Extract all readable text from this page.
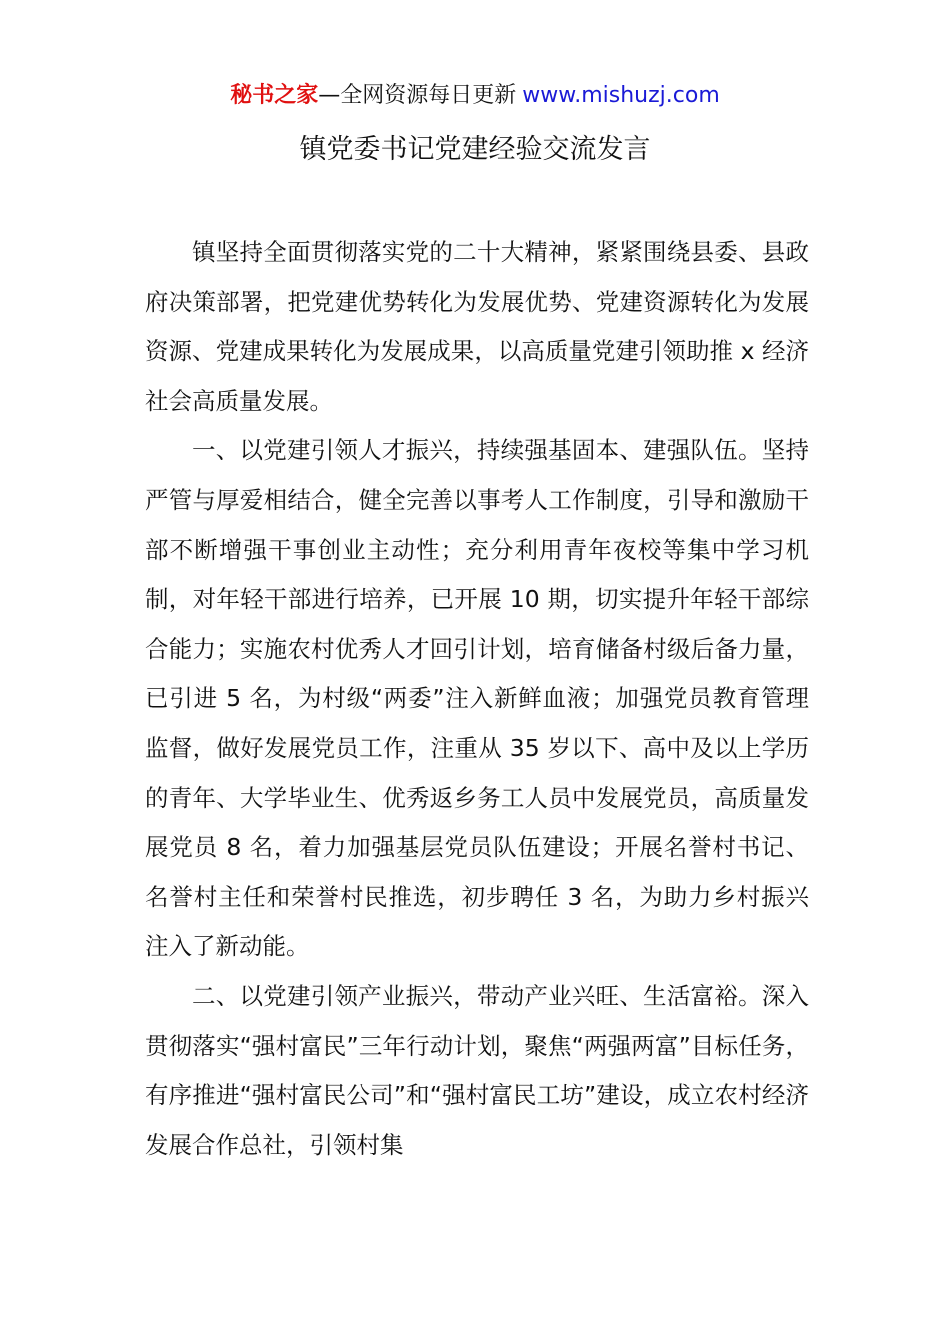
秘书之家—全网资源每日更新 www.mishuzj.com
镇党委书记党建经验交流发言

镇坚持全面贯彻落实党的二十大精神，紧紧围绕县委、县政府决策部署，把党建优势转化为发展优势、党建资源转化为发展资源、党建成果转化为发展成果，以高质量党建引领助推 x 经济社会高质量发展。

一、以党建引领人才振兴，持续强基固本、建强队伍。坚持严管与厚爱相结合，健全完善以事考人工作制度，引导和激励干部不断增强干事创业主动性；充分利用青年夜校等集中学习机制，对年轻干部进行培养，已开展 10 期，切实提升年轻干部综合能力；实施农村优秀人才回引计划，培育储备村级后备力量，已引进 5 名，为村级“两委”注入新鲜血液；加强党员教育管理监督，做好发展党员工作，注重从 35 岁以下、高中及以上学历的青年、大学毕业生、优秀返乡务工人员中发展党员，高质量发展党员 8 名，着力加强基层党员队伍建设；开展名誉村书记、名誉村主任和荣誉村民推选，初步聘任 3 名，为助力乡村振兴注入了新动能。

二、以党建引领产业振兴，带动产业兴旺、生活富裕。深入贯彻落实“强村富民”三年行动计划，聚焦“两强两富”目标任务，有序推进“强村富民公司”和“强村富民工坊”建设，成立农村经济发展合作总社，引领村集
